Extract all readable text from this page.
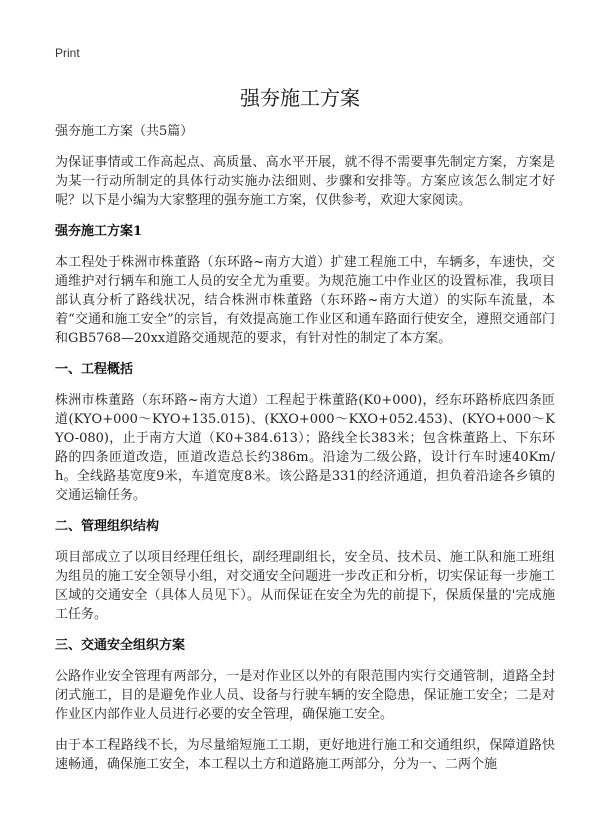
Print
强夯施工方案

强夯施工方案（共5篇）

为保证事情或工作高起点、高质量、高水平开展，就不得不需要事先制定方案，方案是为某一行动所制定的具体行动实施办法细则、步骤和安排等。方案应该怎么制定才好呢？以下是小编为大家整理的强夯施工方案，仅供参考，欢迎大家阅读。

强夯施工方案1

本工程处于株洲市株董路（东环路~南方大道）扩建工程施工中，车辆多，车速快，交通维护对行辆车和施工人员的安全尤为重要。为规范施工中作业区的设置标准，我项目部认真分析了路线状况，结合株洲市株董路（东环路~南方大道）的实际车流量，本着“交通和施工安全”的宗旨，有效提高施工作业区和通车路面行使安全，遵照交通部门和GB5768—20xx道路交通规范的要求，有针对性的制定了本方案。

一、工程概括

株洲市株董路（东环路~南方大道）工程起于株董路(K0+000)，经东环路桥底四条匝道(KYO+000～KYO+135.015)、(KXO+000～KXO+052.453)、(KYO+000～KYO-080)，止于南方大道（K0+384.613）；路线全长383米；包含株董路上、下东环路的四条匝道改造，匝道改造总长约386m。沿途为二级公路，设计行车时速40Km/h。全线路基宽度9米，车道宽度8米。该公路是331的经济通道，担负着沿途各乡镇的交通运输任务。

二、管理组织结构

项目部成立了以项目经理任组长，副经理副组长，安全员、技术员、施工队和施工班组为组员的施工安全领导小组，对交通安全问题进一步改正和分析，切实保证每一步施工区域的交通安全（具体人员见下）。从而保证在安全为先的前提下，保质保量的'完成施工任务。

三、交通安全组织方案

公路作业安全管理有两部分，一是对作业区以外的有限范围内实行交通管制，道路全封闭式施工，目的是避免作业人员、设备与行驶车辆的安全隐患，保证施工安全；二是对作业区内部作业人员进行必要的安全管理，确保施工安全。

由于本工程路线不长，为尽量缩短施工工期，更好地进行施工和交通组织，保障道路快速畅通，确保施工安全，本工程以土方和道路施工两部分，分为一、二两个施
